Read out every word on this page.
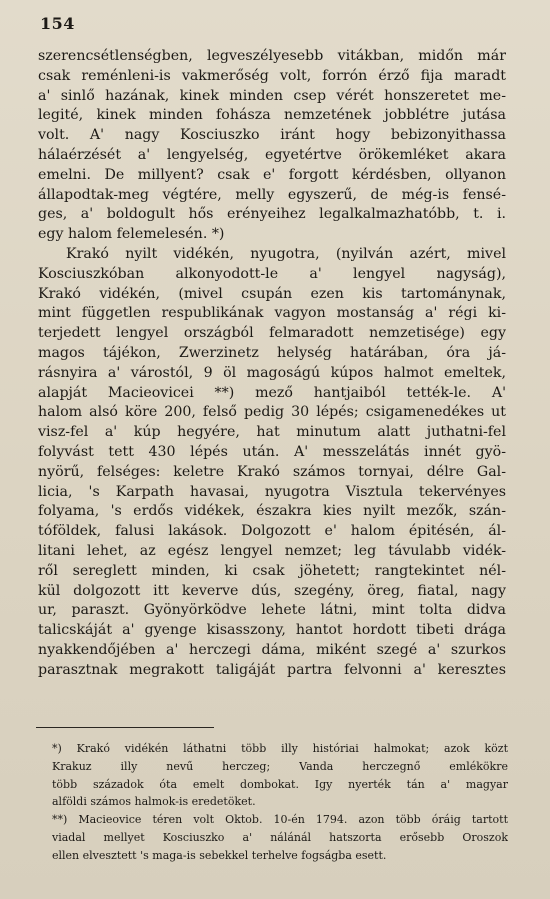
154
szerencsétlenségben, legveszélyesebb vitákban, midőn már
csak reménleni-is vakmerőség volt, forrón érző fija maradt
a' sinlő hazának, kinek minden csep vérét honszeretet me-
legité, kinek minden fohásza nemzetének jobblétre jutása
volt. A' nagy Kosciuszko iránt hogy bebizonyithassa
hálaérzését a' lengyelség, egyetértve örökemléket akara
emelni. De millyent? csak e' forgott kérdésben, ollyanon
állapodtak-meg végtére, melly egyszerű, de még-is fensé-
ges, a' boldogult hős erényeihez legalkalmazhatóbb, t. i.
egy halom felemelesén. *)
Krakó nyilt vidékén, nyugotra, (nyilván azért, mivel
Kosciuszkóban alkonyodott-le a' lengyel nagyság),
Krakó vidékén, (mivel csupán ezen kis tartománynak,
mint független respublikának vagyon mostanság a' régi ki-
terjedett lengyel országból felmaradott nemzetisége) egy
magos tájékon, Zwerzinetz helység határában, óra já-
rásnyira a' várostól, 9 öl magoságú kúpos halmot emeltek,
alapját Macieovicei **) mező hantjaiból tették-le. A'
halom alsó köre 200, felső pedig 30 lépés; csigamenedékes ut
visz-fel a' kúp hegyére, hat minutum alatt juthatni-fel
folyvást tett 430 lépés után. A' messzelátás innét gyö-
nyörű, felséges: keletre Krakó számos tornyai, délre Gal-
licia, 's Karpath havasai, nyugotra Visztula tekervényes
folyama, 's erdős vidékek, északra kies nyilt mezők, szán-
tóföldek, falusi lakások. Dolgozott e' halom épitésén, ál-
litani lehet, az egész lengyel nemzet; leg távulabb vidék-
ről sereglett minden, ki csak jöhetett; rangtekintet nél-
kül dolgozott itt keverve dús, szegény, öreg, fiatal, nagy
ur, paraszt. Gyönyörködve lehete látni, mint tolta didva
talicskáját a' gyenge kisasszony, hantot hordott tibeti drága
nyakkendőjében a' herczegi dáma, miként szegé a' szurkos
parasztnak megrakott taligáját partra felvonni a' keresztes
*) Krakó vidékén láthatni több illy históriai halmokat; azok közt
Krakuz illy nevű herczeg; Vanda herczegnő emlékökre
több századok óta emelt dombokat. Igy nyerték tán a' magyar
alföldi számos halmok-is eredetöket.
**) Macieovice téren volt Oktob. 10-én 1794. azon több óráig tartott
viadal mellyet Kosciuszko a' nálánál hatszorta erősebb Oroszok
ellen elvesztett 's maga-is sebekkel terhelve fogságba esett.
